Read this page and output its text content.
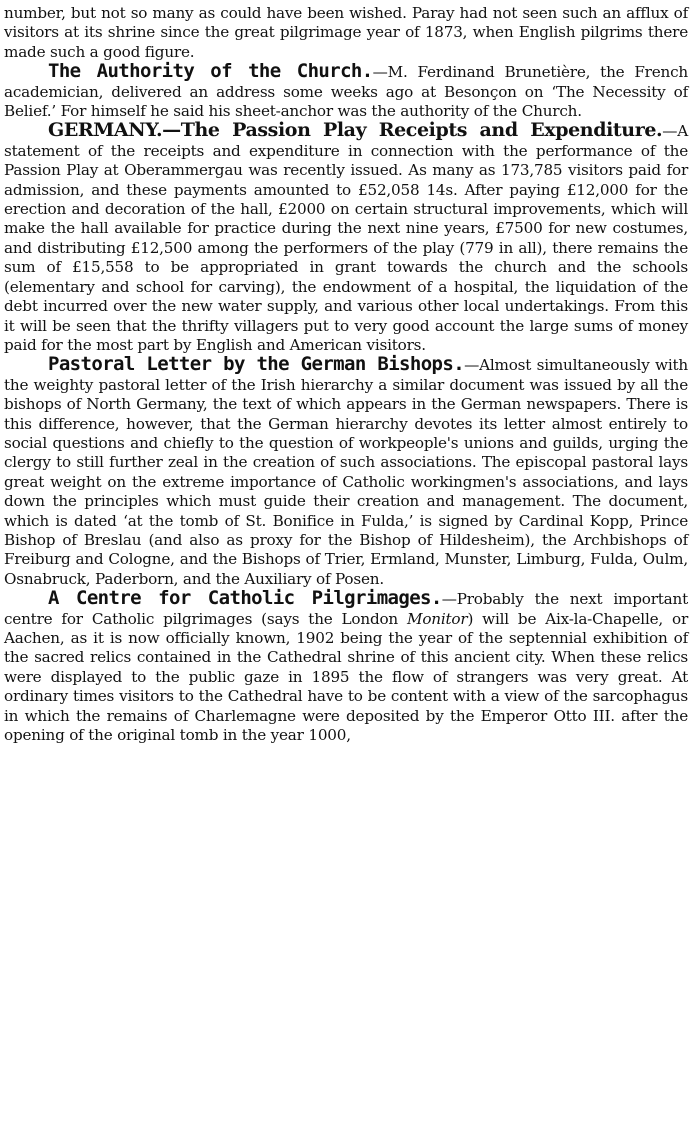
number, but not so many as could have been wished. Paray had not seen such an afflux of visitors at its shrine since the great pilgrimage year of 1873, when English pilgrims there made such a good figure.

The Authority of the Church.—M. Ferdinand Brunetière, the French academician, delivered an address some weeks ago at Besonçon on ‘The Necessity of Belief.’ For himself he said his sheet-anchor was the authority of the Church.

GERMANY.—The Passion Play Receipts and Expenditure.—A statement of the receipts and expenditure in connection with the performance of the Passion Play at Oberammergau was recently issued. As many as 173,785 visitors paid for admission, and these payments amounted to £52,058 14s. After paying £12,000 for the erection and decoration of the hall, £2000 on certain structural improvements, which will make the hall available for practice during the next nine years, £7500 for new costumes, and distributing £12,500 among the performers of the play (779 in all), there remains the sum of £15,558 to be appropriated in grant towards the church and the schools (elementary and school for carving), the endowment of a hospital, the liquidation of the debt incurred over the new water supply, and various other local undertakings. From this it will be seen that the thrifty villagers put to very good account the large sums of money paid for the most part by English and American visitors.

Pastoral Letter by the German Bishops.—Almost simultaneously with the weighty pastoral letter of the Irish hierarchy a similar document was issued by all the bishops of North Germany, the text of which appears in the German newspapers. There is this difference, however, that the German hierarchy devotes its letter almost entirely to social questions and chiefly to the question of workpeople's unions and guilds, urging the clergy to still further zeal in the creation of such associations. The episcopal pastoral lays great weight on the extreme importance of Catholic workingmen's associations, and lays down the principles which must guide their creation and management. The document, which is dated ‘at the tomb of St. Bonifice in Fulda,’ is signed by Cardinal Kopp, Prince Bishop of Breslau (and also as proxy for the Bishop of Hildesheim), the Archbishops of Freiburg and Cologne, and the Bishops of Trier, Ermland, Munster, Limburg, Fulda, Oulm, Osnabruck, Paderborn, and the Auxiliary of Posen.

A Centre for Catholic Pilgrimages.—Probably the next important centre for Catholic pilgrimages (says the London Monitor) will be Aix-la-Chapelle, or Aachen, as it is now officially known, 1902 being the year of the septennial exhibition of the sacred relics contained in the Cathedral shrine of this ancient city. When these relics were displayed to the public gaze in 1895 the flow of strangers was very great. At ordinary times visitors to the Cathedral have to be content with a view of the sarcophagus in which the remains of Charlemagne were deposited by the Emperor Otto III. after the opening of the original tomb in the year 1000,
